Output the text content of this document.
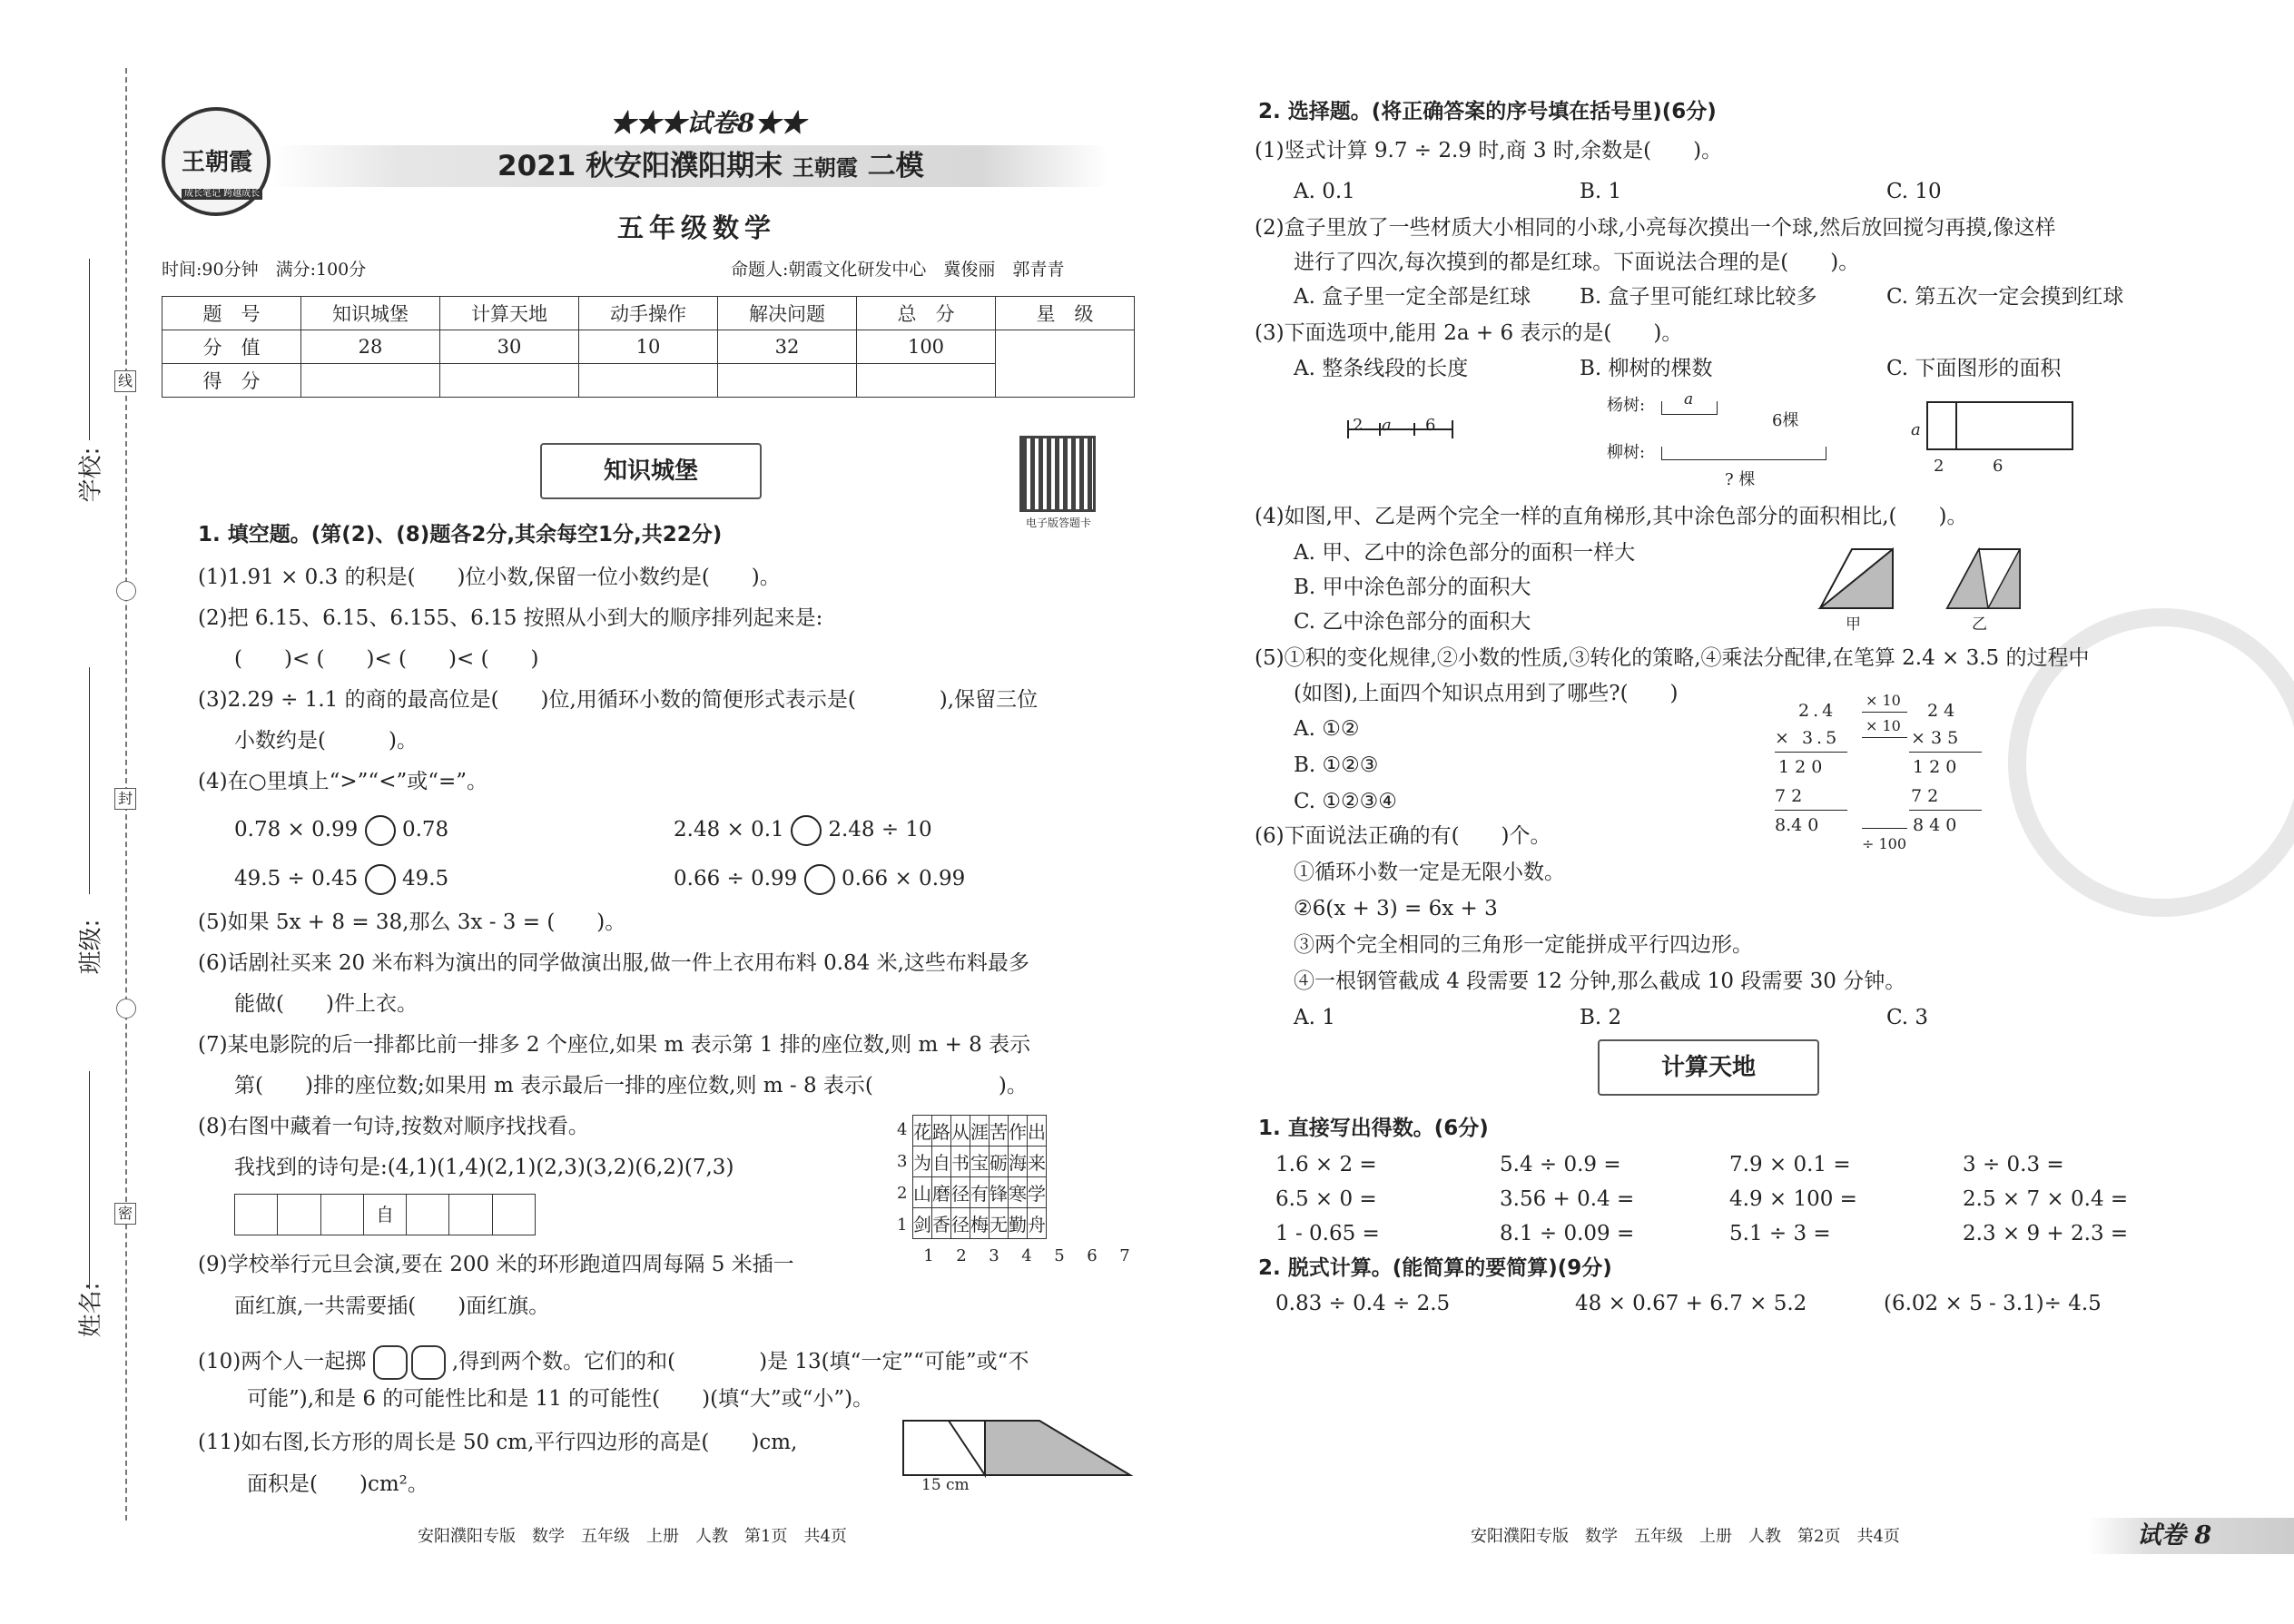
学校:
班级:
姓名:
线
封
密
王朝霞
成长笔记 跨越成长
★★★试卷8★★
2021 秋安阳濮阳期末 王朝霞 二模
五年级数学
时间:90分钟　满分:100分	命题人:朝霞文化研发中心　冀俊丽　郭青青
题　号	知识城堡	计算天地	动手操作	解决问题	总　分	星　级
分　值	28	30	10	32	100	
得　分						
知识城堡
电子版答题卡
1. 填空题。(第(2)、(8)题各2分,其余每空1分,共22分)
(1)1.91 × 0.3 的积是(　　)位小数,保留一位小数约是(　　)。
(2)把 6.15、6.15、6.155、6.15 按照从小到大的顺序排列起来是:
(　　)< (　　)< (　　)< (　　)
(3)2.29 ÷ 1.1 的商的最高位是(　　)位,用循环小数的简便形式表示是(　　　　),保留三位
小数约是(　　　)。
(4)在○里填上“>”“<”或“=”。
0.78 × 0.99 0.78	2.48 × 0.1 2.48 ÷ 10
49.5 ÷ 0.45 49.5	0.66 ÷ 0.99 0.66 × 0.99
(5)如果 5x + 8 = 38,那么 3x - 3 = (　　)。
(6)话剧社买来 20 米布料为演出的同学做演出服,做一件上衣用布料 0.84 米,这些布料最多
能做(　　)件上衣。
(7)某电影院的后一排都比前一排多 2 个座位,如果 m 表示第 1 排的座位数,则 m + 8 表示
第(　　)排的座位数;如果用 m 表示最后一排的座位数,则 m - 8 表示(　　　　　　)。
(8)右图中藏着一句诗,按数对顺序找找看。
我找到的诗句是:(4,1)(1,4)(2,1)(2,3)(3,2)(6,2)(7,3)
自
4
3
2
1
花	路	从	涯	苦	作	出
为	自	书	宝	砺	海	来
山	磨	径	有	锋	寒	学
剑	香	径	梅	无	勤	舟
1	2	3	4	5	6	7
(9)学校举行元旦会演,要在 200 米的环形跑道四周每隔 5 米插一
面红旗,一共需要插(　　)面红旗。
(10)两个人一起掷	,得到两个数。它们的和(　　　　)是 13(填“一定”“可能”或“不
可能”),和是 6 的可能性比和是 11 的可能性(　　)(填“大”或“小”)。
(11)如右图,长方形的周长是 50 cm,平行四边形的高是(　　)cm,
面积是(　　)cm²。	15 cm
安阳濮阳专版　数学　五年级　上册　人教　第1页　共4页	安阳濮阳专版　数学　五年级　上册　人教　第2页　共4页	试卷 8
2. 选择题。(将正确答案的序号填在括号里)(6分)
(1)竖式计算 9.7 ÷ 2.9 时,商 3 时,余数是(　　)。
A. 0.1	B. 1	C. 10
(2)盒子里放了一些材质大小相同的小球,小亮每次摸出一个球,然后放回搅匀再摸,像这样
进行了四次,每次摸到的都是红球。下面说法合理的是(　　)。
A. 盒子里一定全部是红球 B. 盒子里可能红球比较多	C. 第五次一定会摸到红球
(3)下面选项中,能用 2a + 6 表示的是(　　)。
A. 整条线段的长度	B. 柳树的棵数	C. 下面图形的面积
2 a 6
杨树:	a
6棵
柳树:
? 棵
a
2	6
(4)如图,甲、乙是两个完全一样的直角梯形,其中涂色部分的面积相比,(　　)。
A. 甲、乙中的涂色部分的面积一样大
B. 甲中涂色部分的面积大
C. 乙中涂色部分的面积大	甲	乙
(5)①积的变化规律,②小数的性质,③转化的策略,④乘法分配律,在笔算 2.4 × 3.5 的过程中
(如图),上面四个知识点用到了哪些?(　　)
A. ①②
B. ①②③
C. ①②③④
2.4
× 3.5
1 2 0
7 2
8.4 0
× 10
× 10
÷ 100
2 4
× 3 5
1 2 0
7 2
8 4 0
(6)下面说法正确的有(　　)个。
①循环小数一定是无限小数。
②6(x + 3) = 6x + 3
③两个完全相同的三角形一定能拼成平行四边形。
④一根钢管截成 4 段需要 12 分钟,那么截成 10 段需要 30 分钟。
A. 1	B. 2	C. 3
计算天地
1. 直接写出得数。(6分)
1.6 × 2 =	5.4 ÷ 0.9 =	7.9 × 0.1 =	3 ÷ 0.3 =
6.5 × 0 =	3.56 + 0.4 =	4.9 × 100 =	2.5 × 7 × 0.4 =
1 - 0.65 =	8.1 ÷ 0.09 =	5.1 ÷ 3 =	2.3 × 9 + 2.3 =
2. 脱式计算。(能简算的要简算)(9分)
0.83 ÷ 0.4 ÷ 2.5	48 × 0.67 + 6.7 × 5.2	(6.02 × 5 - 3.1)÷ 4.5
